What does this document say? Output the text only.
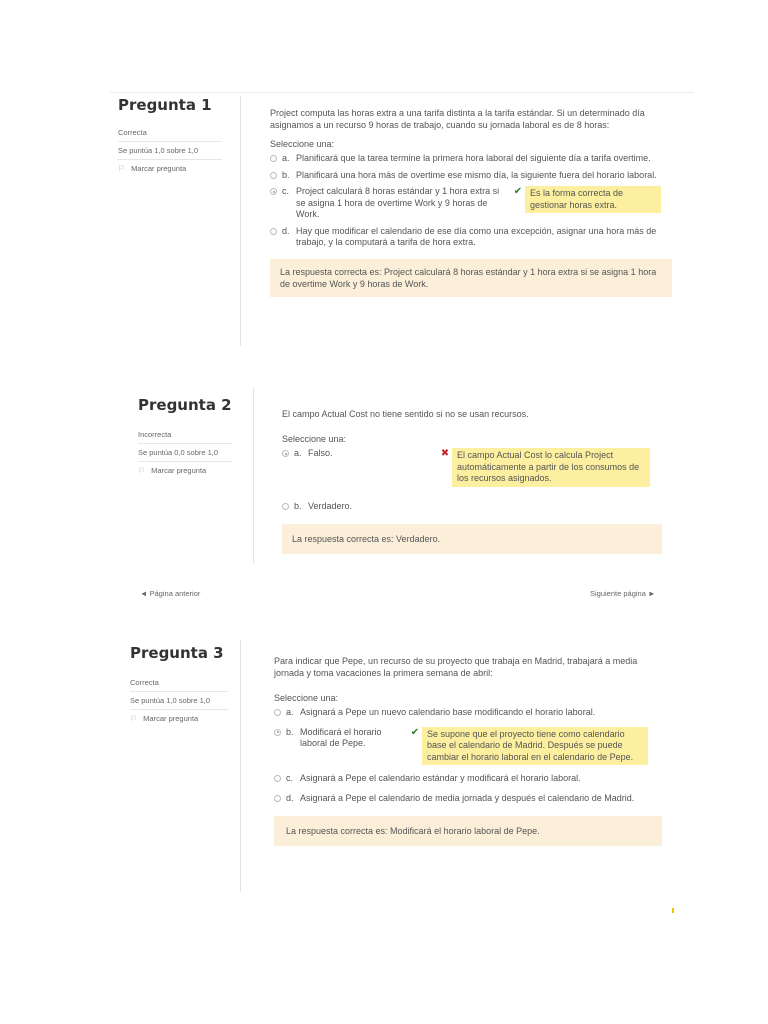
Pregunta 1
Correcta
Se puntúa 1,0 sobre 1,0
⚐ Marcar pregunta
Project computa las horas extra a una tarifa distinta a la tarifa estándar. Si un determinado día asignamos a un recurso 9 horas de trabajo, cuando su jornada laboral es de 8 horas:
Seleccione una:
a. Planificará que la tarea termine la primera hora laboral del siguiente día a tarifa overtime.
b. Planificará una hora más de overtime ese mismo día, la siguiente fuera del horario laboral.
c. Project calculará 8 horas estándar y 1 hora extra si se asigna 1 hora de overtime Work y 9 horas de Work.
✔ Es la forma correcta de gestionar horas extra.
d. Hay que modificar el calendario de ese día como una excepción, asignar una hora más de trabajo, y la computará a tarifa de hora extra.
La respuesta correcta es: Project calculará 8 horas estándar y 1 hora extra si se asigna 1 hora de overtime Work y 9 horas de Work.
Pregunta 2
Incorrecta
Se puntúa 0,0 sobre 1,0
⚐ Marcar pregunta
El campo Actual Cost no tiene sentido si no se usan recursos.
Seleccione una:
a. Falso.	✖ El campo Actual Cost lo calcula Project automáticamente a partir de los consumos de los recursos asignados.
b. Verdadero.
La respuesta correcta es: Verdadero.
◄ Página anterior	Siguiente página ►
Pregunta 3
Correcta
Se puntúa 1,0 sobre 1,0
⚐ Marcar pregunta
Para indicar que Pepe, un recurso de su proyecto que trabaja en Madrid, trabajará a media jornada y toma vacaciones la primera semana de abril:
Seleccione una:
a. Asignará a Pepe un nuevo calendario base modificando el horario laboral.
b. Modificará el horario laboral de Pepe.
✔ Se supone que el proyecto tiene como calendario base el calendario de Madrid. Después se puede cambiar el horario laboral en el calendario de Pepe.
c. Asignará a Pepe el calendario estándar y modificará el horario laboral.
d. Asignará a Pepe el calendario de media jornada y después el calendario de Madrid.
La respuesta correcta es: Modificará el horario laboral de Pepe.
